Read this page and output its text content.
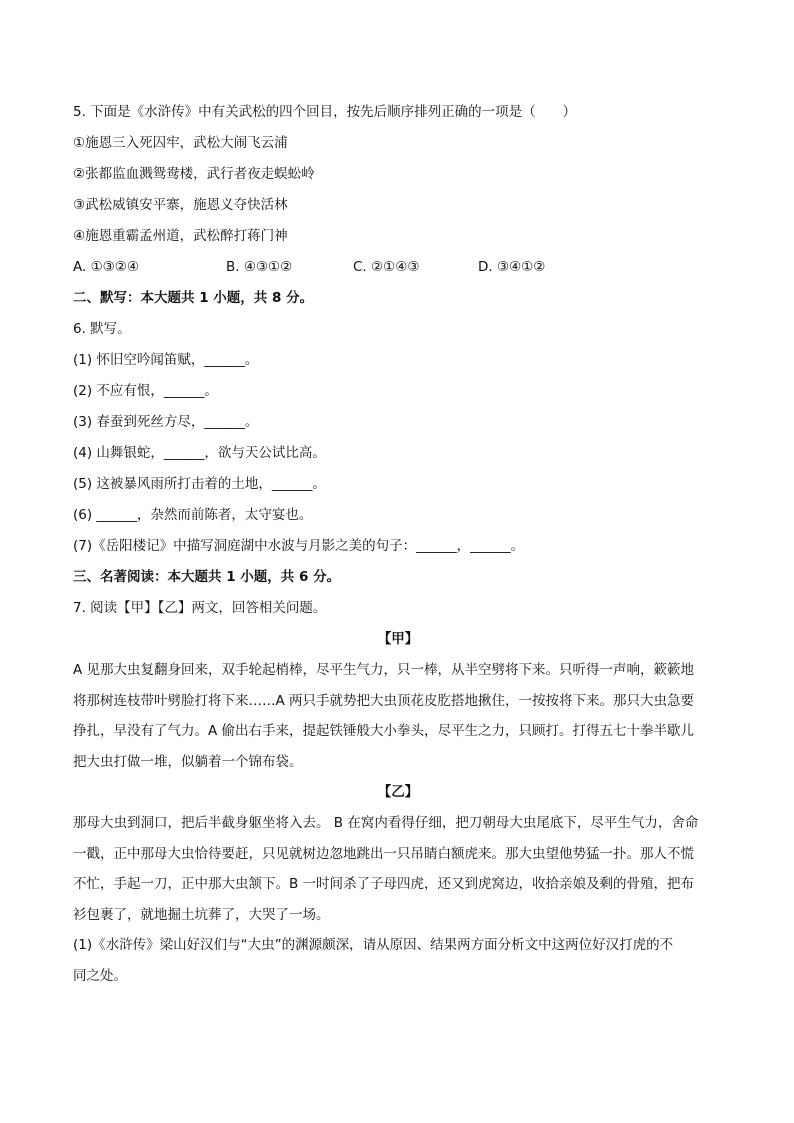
5. 下面是《水浒传》中有关武松的四个回目，按先后顺序排列正确的一项是（　　）
①施恩三入死囚牢，武松大闹飞云浦
②张都监血溅鸳鸯楼，武行者夜走蜈蚣岭
③武松威镇安平寨，施恩义夺快活林
④施恩重霸孟州道，武松醉打蒋门神
A. ①③②④	B. ④③①②	C. ②①④③	D. ③④①②
二、默写：本大题共 1 小题，共 8 分。
6. 默写。
(1) 怀旧空吟闻笛赋，______。
(2) 不应有恨，______。
(3) 春蚕到死丝方尽，______。
(4) 山舞银蛇，______，欲与天公试比高。
(5) 这被暴风雨所打击着的土地，______。
(6) ______，杂然而前陈者，太守宴也。
(7)《岳阳楼记》中描写洞庭湖中水波与月影之美的句子：______，______。
三、名著阅读：本大题共 1 小题，共 6 分。
7. 阅读【甲】【乙】两文，回答相关问题。
【甲】
A 见那大虫复翻身回来，双手轮起梢棒，尽平生气力，只一棒，从半空劈将下来。只听得一声响，簌簌地
将那树连枝带叶劈脸打将下来……A 两只手就势把大虫顶花皮肐搭地揪住，一按按将下来。那只大虫急要
挣扎，早没有了气力。A 偷出右手来，提起铁锤般大小拳头，尽平生之力，只顾打。打得五七十拳半歇儿
把大虫打做一堆，似躺着一个锦布袋。
【乙】
那母大虫到洞口，把后半截身躯坐将入去。 B 在窝内看得仔细，把刀朝母大虫尾底下，尽平生气力，舍命
一戳，正中那母大虫恰待要赶，只见就树边忽地跳出一只吊睛白额虎来。那大虫望他势猛一扑。那人不慌
不忙，手起一刀，正中那大虫颔下。B 一时间杀了子母四虎，还又到虎窝边，收拾亲娘及剩的骨殖，把布
衫包裹了，就地掘土坑葬了，大哭了一场。
(1)《水浒传》梁山好汉们与“大虫”的渊源颇深，请从原因、结果两方面分析文中这两位好汉打虎的不
同之处。
